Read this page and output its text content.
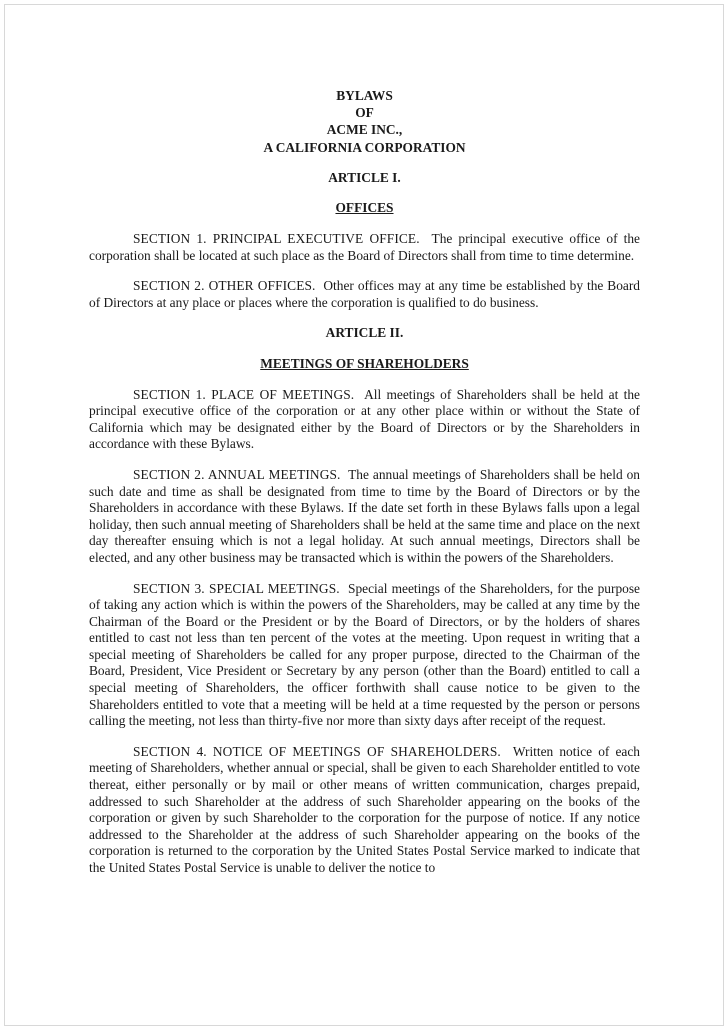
BYLAWS
OF
ACME INC.,
A CALIFORNIA CORPORATION
ARTICLE I.
OFFICES

SECTION 1. PRINCIPAL EXECUTIVE OFFICE. The principal executive office of the corporation shall be located at such place as the Board of Directors shall from time to time determine.

SECTION 2. OTHER OFFICES. Other offices may at any time be established by the Board of Directors at any place or places where the corporation is qualified to do business.

ARTICLE II.
MEETINGS OF SHAREHOLDERS

SECTION 1. PLACE OF MEETINGS. All meetings of Shareholders shall be held at the principal executive office of the corporation or at any other place within or without the State of California which may be designated either by the Board of Directors or by the Shareholders in accordance with these Bylaws.

SECTION 2. ANNUAL MEETINGS. The annual meetings of Shareholders shall be held on such date and time as shall be designated from time to time by the Board of Directors or by the Shareholders in accordance with these Bylaws. If the date set forth in these Bylaws falls upon a legal holiday, then such annual meeting of Shareholders shall be held at the same time and place on the next day thereafter ensuing which is not a legal holiday. At such annual meetings, Directors shall be elected, and any other business may be transacted which is within the powers of the Shareholders.

SECTION 3. SPECIAL MEETINGS. Special meetings of the Shareholders, for the purpose of taking any action which is within the powers of the Shareholders, may be called at any time by the Chairman of the Board or the President or by the Board of Directors, or by the holders of shares entitled to cast not less than ten percent of the votes at the meeting. Upon request in writing that a special meeting of Shareholders be called for any proper purpose, directed to the Chairman of the Board, President, Vice President or Secretary by any person (other than the Board) entitled to call a special meeting of Shareholders, the officer forthwith shall cause notice to be given to the Shareholders entitled to vote that a meeting will be held at a time requested by the person or persons calling the meeting, not less than thirty-five nor more than sixty days after receipt of the request.

SECTION 4. NOTICE OF MEETINGS OF SHAREHOLDERS. Written notice of each meeting of Shareholders, whether annual or special, shall be given to each Shareholder entitled to vote thereat, either personally or by mail or other means of written communication, charges prepaid, addressed to such Shareholder at the address of such Shareholder appearing on the books of the corporation or given by such Shareholder to the corporation for the purpose of notice. If any notice addressed to the Shareholder at the address of such Shareholder appearing on the books of the corporation is returned to the corporation by the United States Postal Service marked to indicate that the United States Postal Service is unable to deliver the notice to
